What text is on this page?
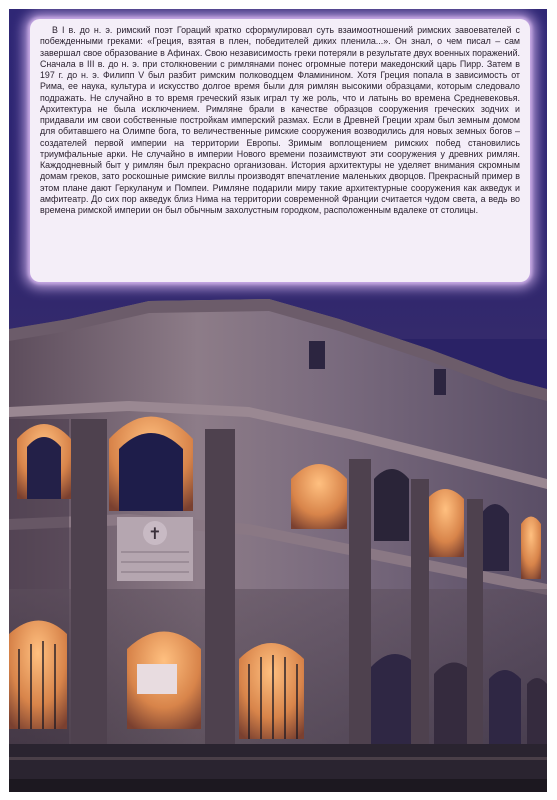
В I в. до н. э. римский поэт Гораций кратко сформулировал суть взаимоотношений римских завоевателей с побежденными греками: «Греция, взятая в плен, победителей диких пленила...». Он знал, о чем писал – сам завершал свое образование в Афинах. Свою независимость греки потеряли в результате двух военных поражений. Сначала в III в. до н. э. при столкновении с римлянами понес огромные потери македонский царь Пирр. Затем в 197 г. до н. э. Филипп V был разбит римским полководцем Фламинином. Хотя Греция попала в зависимость от Рима, ее наука, культура и искусство долгое время были для римлян высокими образцами, которым следовало подражать. Не случайно в то время греческий язык играл ту же роль, что и латынь во времена Средневековья. Архитектура не была исключением. Римляне брали в качестве образцов сооружения греческих зодчих и придавали им свои собственные постройкам имперский размах. Если в Древней Греции храм был земным домом для обитавшего на Олимпе бога, то величественные римские сооружения возводились для новых земных богов – создателей первой империи на территории Европы. Зримым воплощением римских побед становились триумфальные арки. Не случайно в империи Нового времени позаимствуют эти сооружения у древних римлян. Каждодневный быт у римлян был прекрасно организован. История архитектуры не уделяет внимания скромным домам греков, зато роскошные римские виллы производят впечатление маленьких дворцов. Прекрасный пример в этом плане дают Геркуланум и Помпеи. Римляне подарили миру такие архитектурные сооружения как акведук и амфитеатр. До сих пор акведук близ Нима на территории современной Франции считается чудом света, а ведь во времена римской империи он был обычным захолустным городком, расположенным вдалеке от столицы.

✝
